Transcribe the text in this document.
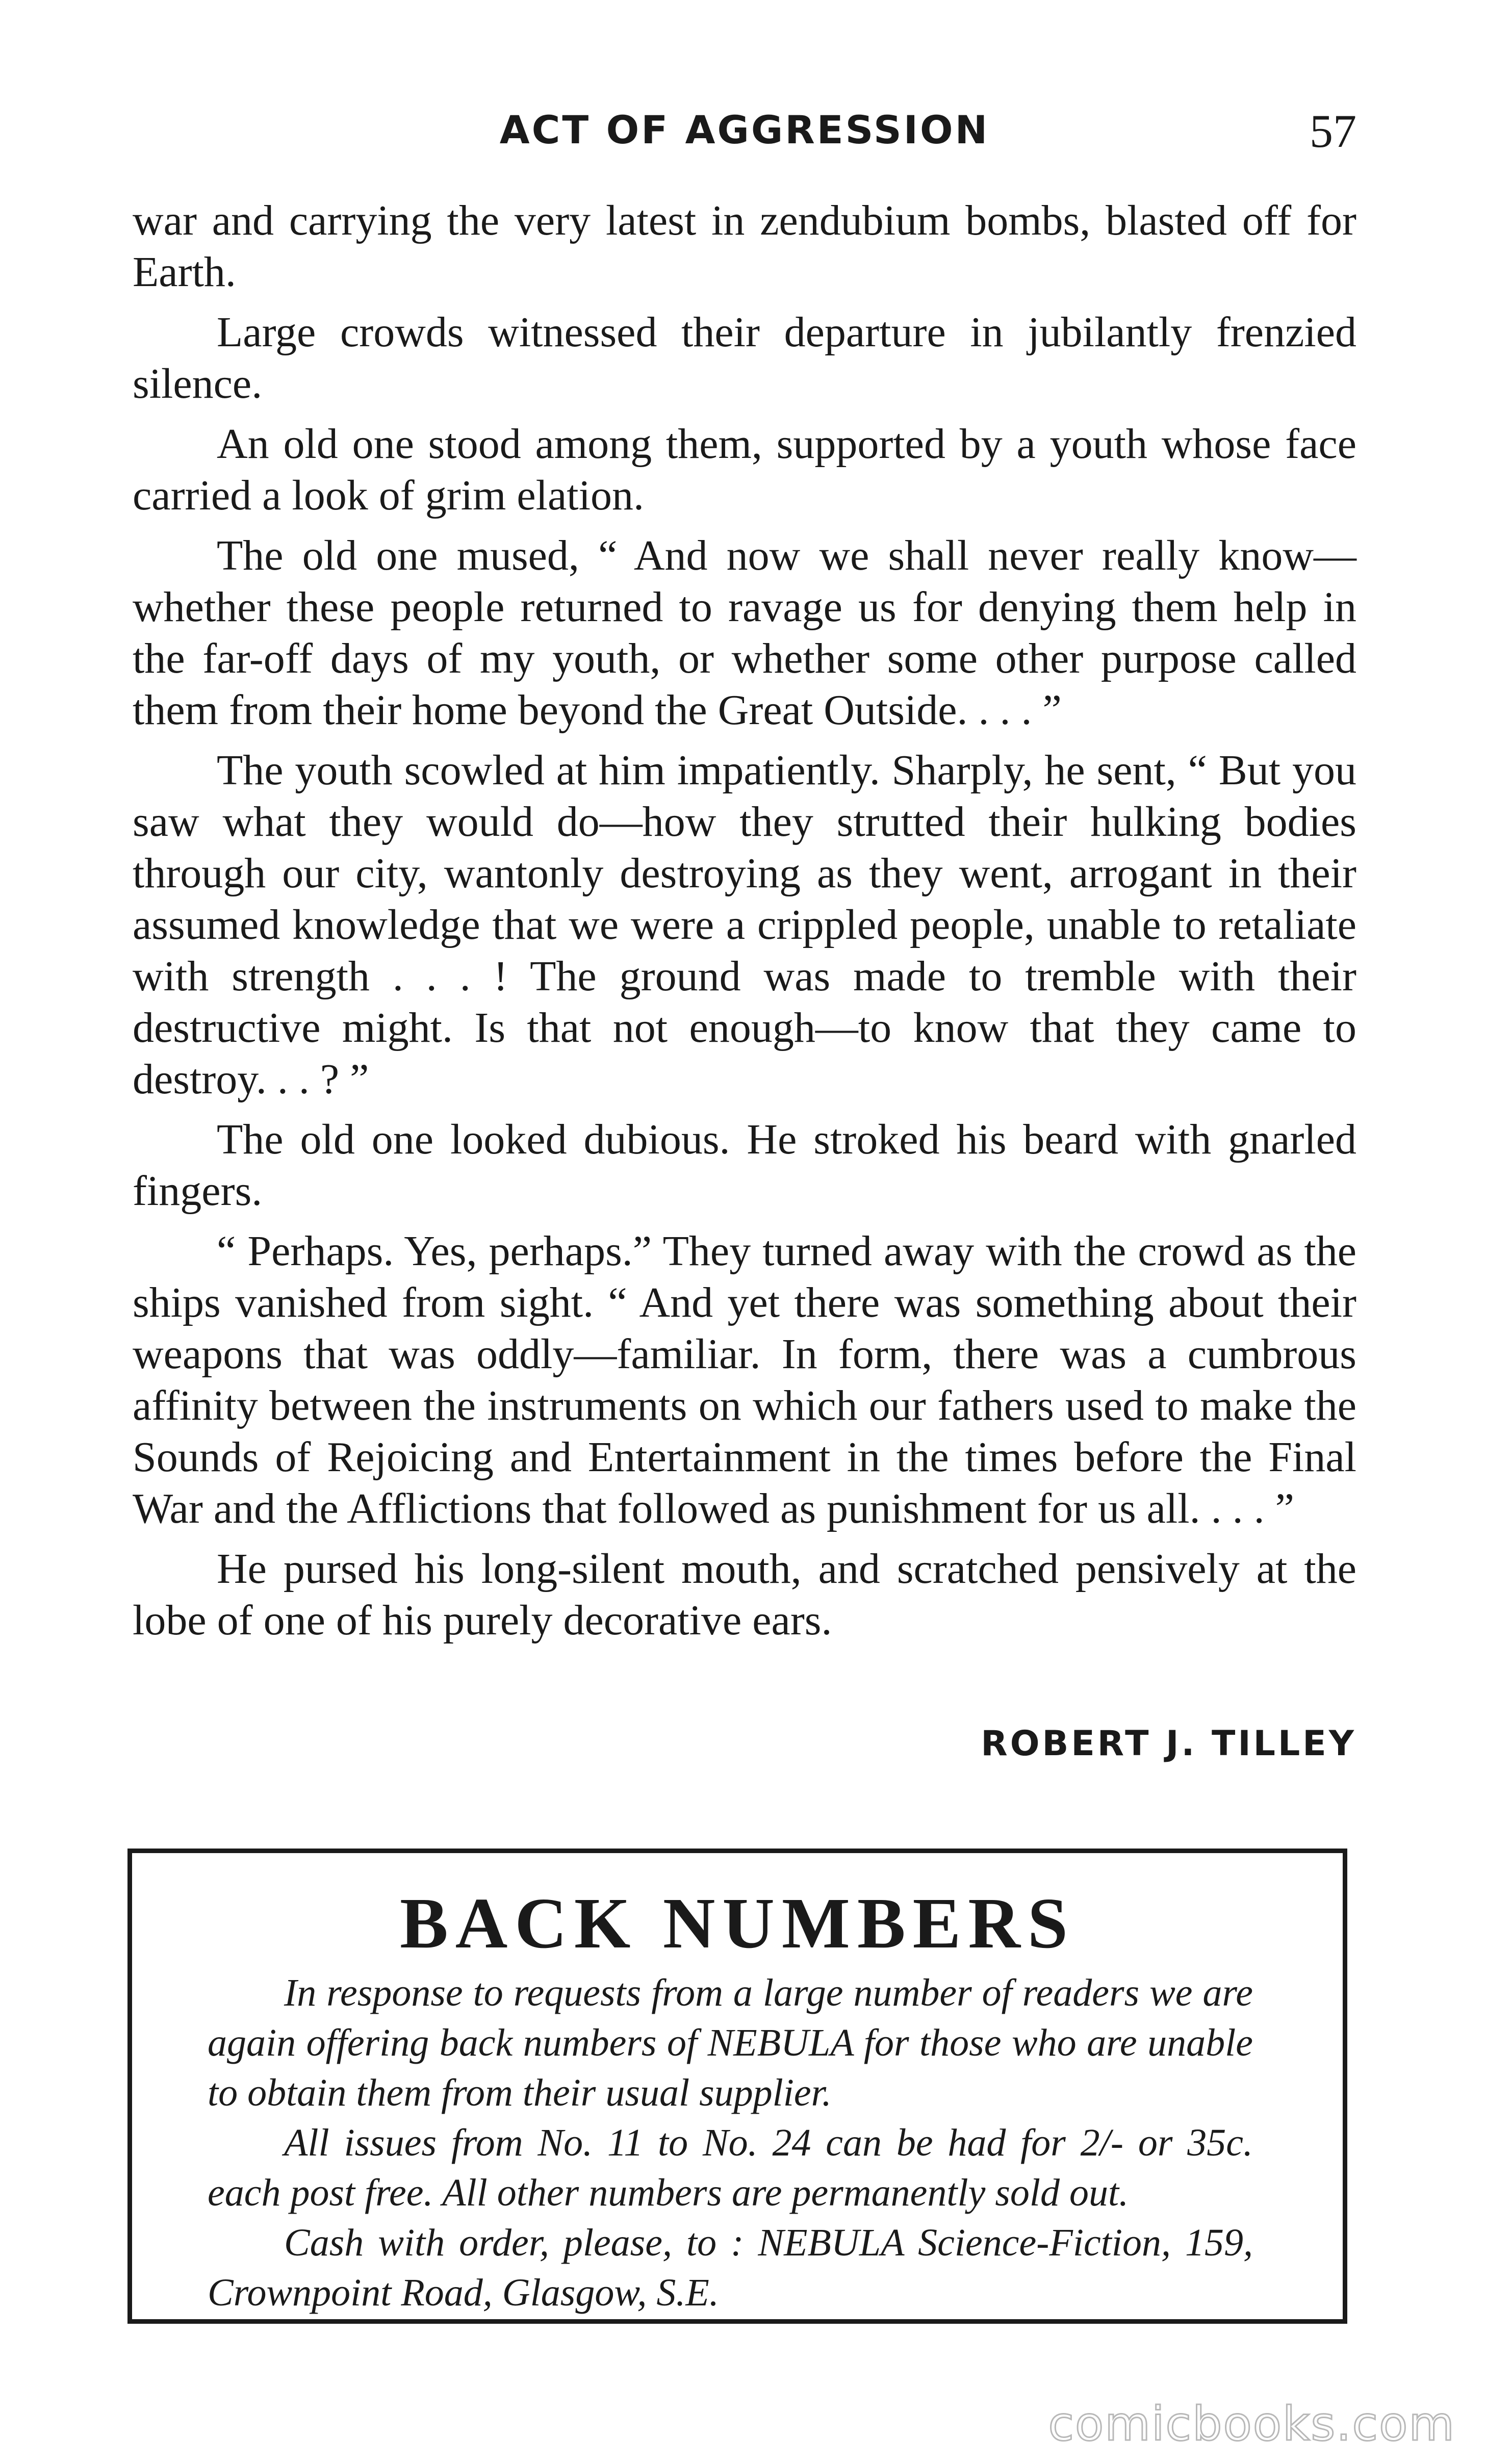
ACT OF AGGRESSION	57

war and carrying the very latest in zendubium bombs, blasted off for Earth.

Large crowds witnessed their departure in jubilantly frenzied silence.

An old one stood among them, supported by a youth whose face carried a look of grim elation.

The old one mused, “ And now we shall never really know— whether these people returned to ravage us for denying them help in the far-off days of my youth, or whether some other purpose called them from their home beyond the Great Outside. . . . ”

The youth scowled at him impatiently. Sharply, he sent, “ But you saw what they would do—how they strutted their hulking bodies through our city, wantonly destroying as they went, arrogant in their assumed knowledge that we were a crippled people, unable to retaliate with strength . . . ! The ground was made to tremble with their destructive might. Is that not enough—to know that they came to destroy. . . ? ”

The old one looked dubious. He stroked his beard with gnarled fingers.

“ Perhaps. Yes, perhaps.” They turned away with the crowd as the ships vanished from sight. “ And yet there was something about their weapons that was oddly—familiar. In form, there was a cumbrous affinity between the instruments on which our fathers used to make the Sounds of Rejoicing and Entertainment in the times before the Final War and the Afflictions that followed as punishment for us all. . . . ”

He pursed his long-silent mouth, and scratched pensively at the lobe of one of his purely decorative ears.

ROBERT J. TILLEY
BACK NUMBERS

In response to requests from a large number of readers we are again offering back numbers of NEBULA for those who are unable to obtain them from their usual supplier.

All issues from No. 11 to No. 24 can be had for 2/- or 35c. each post free. All other numbers are permanently sold out.

Cash with order, please, to : NEBULA Science-Fiction, 159, Crownpoint Road, Glasgow, S.E.

comicbooks.com
